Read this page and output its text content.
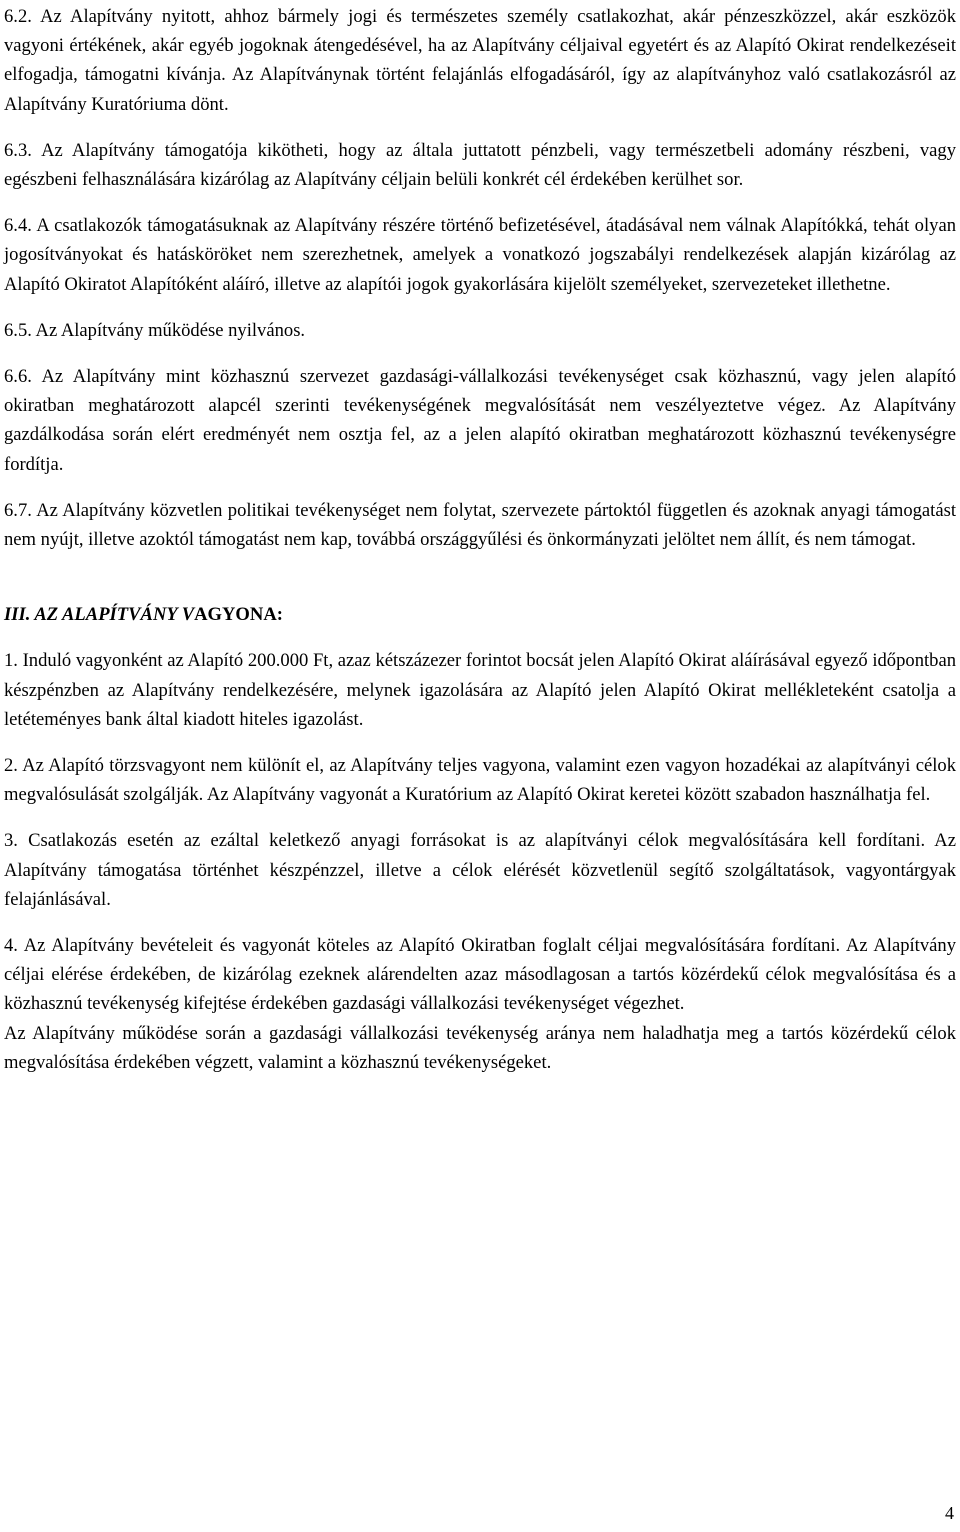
6.2. Az Alapítvány nyitott, ahhoz bármely jogi és természetes személy csatlakozhat, akár pénzeszközzel, akár eszközök vagyoni értékének, akár egyéb jogoknak átengedésével, ha az Alapítvány céljaival egyetért és az Alapító Okirat rendelkezéseit elfogadja, támogatni kívánja. Az Alapítványnak történt felajánlás elfogadásáról, így az alapítványhoz való csatlakozásról az Alapítvány Kuratóriuma dönt.

6.3. Az Alapítvány támogatója kikötheti, hogy az általa juttatott pénzbeli, vagy természetbeli adomány részbeni, vagy egészbeni felhasználására kizárólag az Alapítvány céljain belüli konkrét cél érdekében kerülhet sor.

6.4. A csatlakozók támogatásuknak az Alapítvány részére történő befizetésével, átadásával nem válnak Alapítókká, tehát olyan jogosítványokat és hatásköröket nem szerezhetnek, amelyek a vonatkozó jogszabályi rendelkezések alapján kizárólag az Alapító Okiratot Alapítóként aláíró, illetve az alapítói jogok gyakorlására kijelölt személyeket, szervezeteket illethetne.

6.5. Az Alapítvány működése nyilvános.

6.6. Az Alapítvány mint közhasznú szervezet gazdasági-vállalkozási tevékenységet csak közhasznú, vagy jelen alapító okiratban meghatározott alapcél szerinti tevékenységének megvalósítását nem veszélyeztetve végez. Az Alapítvány gazdálkodása során elért eredményét nem osztja fel, az a jelen alapító okiratban meghatározott közhasznú tevékenységre fordítja.

6.7. Az Alapítvány közvetlen politikai tevékenységet nem folytat, szervezete pártoktól független és azoknak anyagi támogatást nem nyújt, illetve azoktól támogatást nem kap, továbbá országgyűlési és önkormányzati jelöltet nem állít, és nem támogat.

III. AZ ALAPÍTVÁNY VAGYONA:

1. Induló vagyonként az Alapító 200.000 Ft, azaz kétszázezer forintot bocsát jelen Alapító Okirat aláírásával egyező időpontban készpénzben az Alapítvány rendelkezésére, melynek igazolására az Alapító jelen Alapító Okirat mellékleteként csatolja a letéteményes bank által kiadott hiteles igazolást.

2. Az Alapító törzsvagyont nem különít el, az Alapítvány teljes vagyona, valamint ezen vagyon hozadékai az alapítványi célok megvalósulását szolgálják. Az Alapítvány vagyonát a Kuratórium az Alapító Okirat keretei között szabadon használhatja fel.

3. Csatlakozás esetén az ezáltal keletkező anyagi forrásokat is az alapítványi célok megvalósítására kell fordítani. Az Alapítvány támogatása történhet készpénzzel, illetve a célok elérését közvetlenül segítő szolgáltatások, vagyontárgyak felajánlásával.

4. Az Alapítvány bevételeit és vagyonát köteles az Alapító Okiratban foglalt céljai megvalósítására fordítani. Az Alapítvány céljai elérése érdekében, de kizárólag ezeknek alárendelten azaz másodlagosan a tartós közérdekű célok megvalósítása és a közhasznú tevékenység kifejtése érdekében gazdasági vállalkozási tevékenységet végezhet.

Az Alapítvány működése során a gazdasági vállalkozási tevékenység aránya nem haladhatja meg a tartós közérdekű célok megvalósítása érdekében végzett, valamint a közhasznú tevékenységeket.

4
